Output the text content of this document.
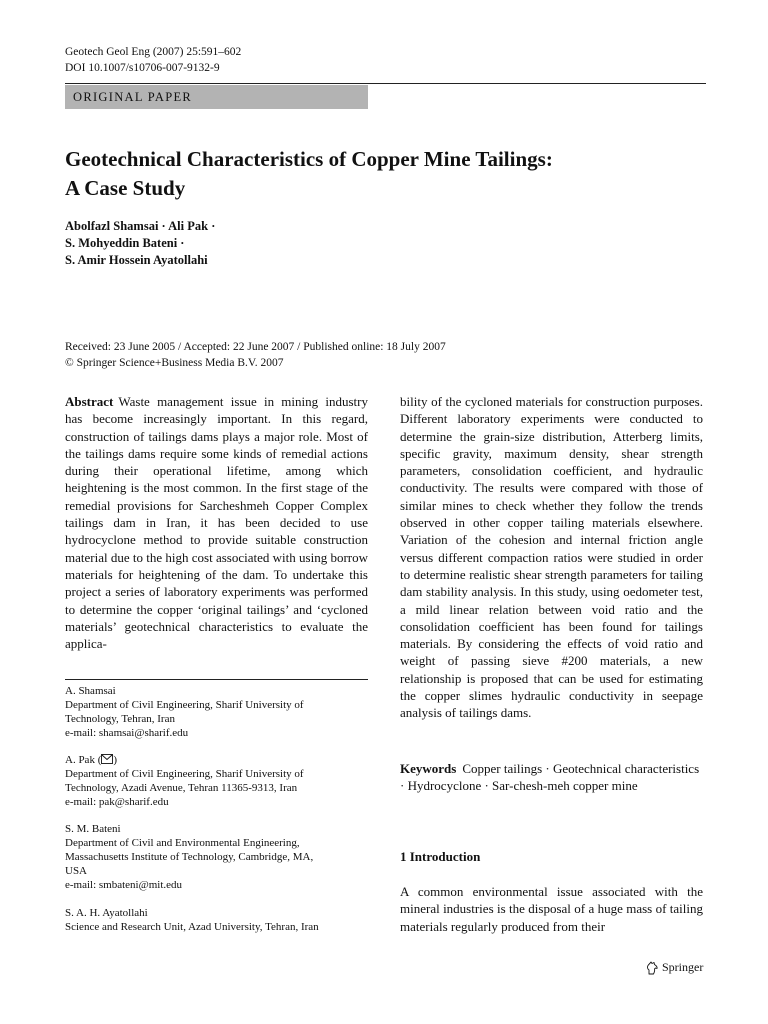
Geotech Geol Eng (2007) 25:591–602
DOI 10.1007/s10706-007-9132-9
ORIGINAL PAPER
Geotechnical Characteristics of Copper Mine Tailings:
A Case Study
Abolfazl Shamsai · Ali Pak ·
S. Mohyeddin Bateni ·
S. Amir Hossein Ayatollahi
Received: 23 June 2005 / Accepted: 22 June 2007 / Published online: 18 July 2007
© Springer Science+Business Media B.V. 2007

Abstract Waste management issue in mining industry has become increasingly important. In this regard, construction of tailings dams plays a major role. Most of the tailings dams require some kinds of remedial actions during their operational lifetime, among which heightening is the most common. In the first stage of the remedial provisions for Sarcheshmeh Copper Complex tailings dam in Iran, it has been decided to use hydrocyclone method to provide suitable construction material due to the high cost associated with using borrow materials for heightening of the dam. To undertake this project a series of laboratory experiments was performed to determine the copper ‘original tailings’ and ‘cycloned materials’ geotechnical characteristics to evaluate the applica-

bility of the cycloned materials for construction purposes. Different laboratory experiments were conducted to determine the grain-size distribution, Atterberg limits, specific gravity, maximum density, shear strength parameters, consolidation coefficient, and hydraulic conductivity. The results were compared with those of similar mines to check whether they follow the trends observed in other copper tailing materials elsewhere. Variation of the cohesion and internal friction angle versus different compaction ratios were studied in order to determine realistic shear strength parameters for tailing dam stability analysis. In this study, using oedometer test, a mild linear relation between void ratio and the consolidation coefficient has been found for tailings materials. By considering the effects of void ratio and weight of passing sieve #200 materials, a new relationship is proposed that can be used for estimating the copper slimes hydraulic conductivity in seepage analysis of tailings dams.

Keywords Copper tailings · Geotechnical characteristics · Hydrocyclone · Sar-chesh-meh copper mine
1 Introduction
A common environmental issue associated with the mineral industries is the disposal of a huge mass of tailing materials regularly produced from their
A. Shamsai
Department of Civil Engineering, Sharif University of
Technology, Tehran, Iran
e-mail: shamsai@sharif.edu
A. Pak ( )
Department of Civil Engineering, Sharif University of
Technology, Azadi Avenue, Tehran 11365-9313, Iran
e-mail: pak@sharif.edu
S. M. Bateni
Department of Civil and Environmental Engineering,
Massachusetts Institute of Technology, Cambridge, MA,
USA
e-mail: smbateni@mit.edu
S. A. H. Ayatollahi
Science and Research Unit, Azad University, Tehran, Iran
Springer
